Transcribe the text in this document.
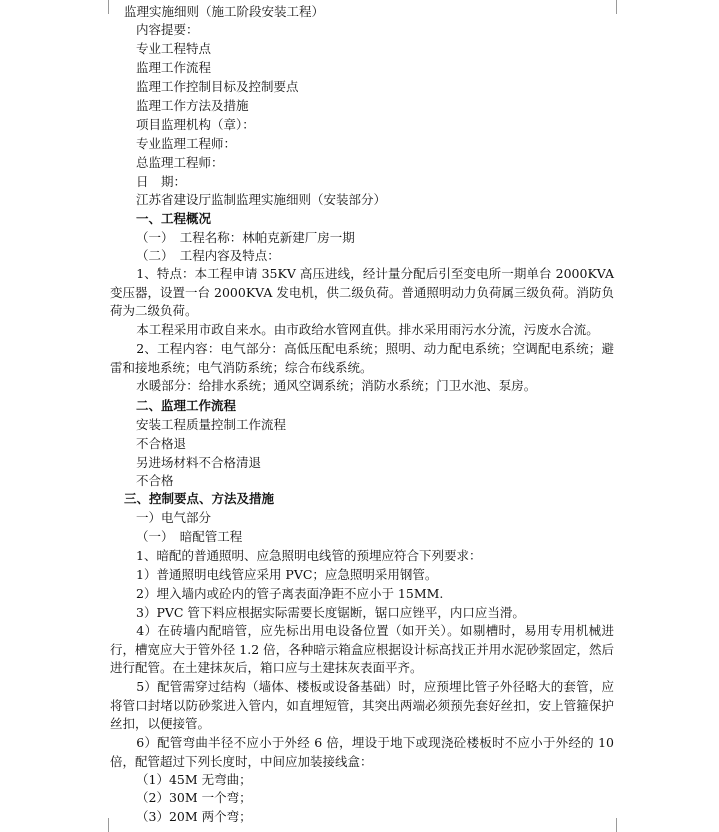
监理实施细则（施工阶段安装工程）
内容提要：
专业工程特点
监理工作流程
监理工作控制目标及控制要点
监理工作方法及措施
项目监理机构（章）：
专业监理工程师：
总监理工程师：
日　期：
江苏省建设厅监制监理实施细则（安装部分）
一、工程概况
（一）　工程名称：林帕克新建厂房一期
（二）　工程内容及特点：
1、特点：本工程申请 35KV 高压进线，经计量分配后引至变电所一期单台 2000KVA 变压器，设置一台 2000KVA 发电机，供二级负荷。普通照明动力负荷属三级负荷。消防负荷为二级负荷。
本工程采用市政自来水。由市政给水管网直供。排水采用雨污水分流，污废水合流。
2、工程内容：电气部分：高低压配电系统；照明、动力配电系统；空调配电系统；避雷和接地系统；电气消防系统；综合布线系统。
水暖部分：给排水系统；通风空调系统；消防水系统；门卫水池、泵房。
二、监理工作流程
安装工程质量控制工作流程
不合格退
另进场材料不合格清退
不合格
三、控制要点、方法及措施
一）电气部分
（一）　暗配管工程
1、暗配的普通照明、应急照明电线管的预埋应符合下列要求：
1）普通照明电线管应采用 PVC；应急照明采用钢管。
2）埋入墙内或砼内的管子离表面净距不应小于 15MM.
3）PVC 管下料应根据实际需要长度锯断，锯口应锉平，内口应当滑。
4）在砖墙内配暗管，应先标出用电设备位置（如开关）。如剔槽时，易用专用机械进行，槽宽应大于管外径 1.2 倍，各种暗示箱盒应根据设计标高找正并用水泥砂浆固定，然后进行配管。在土建抹灰后，箱口应与土建抹灰表面平齐。
5）配管需穿过结构（墙体、楼板或设备基础）时，应预埋比管子外径略大的套管，应将管口封堵以防砂浆进入管内，如直埋短管，其突出两端必须预先套好丝扣，安上管箍保护丝扣，以便接管。
6）配管弯曲半径不应小于外经 6 倍，埋设于地下或现浇砼楼板时不应小于外经的 10 倍，配管超过下列长度时，中间应加装接线盒：
（1）45M 无弯曲；
（2）30M 一个弯；
（3）20M 两个弯；
